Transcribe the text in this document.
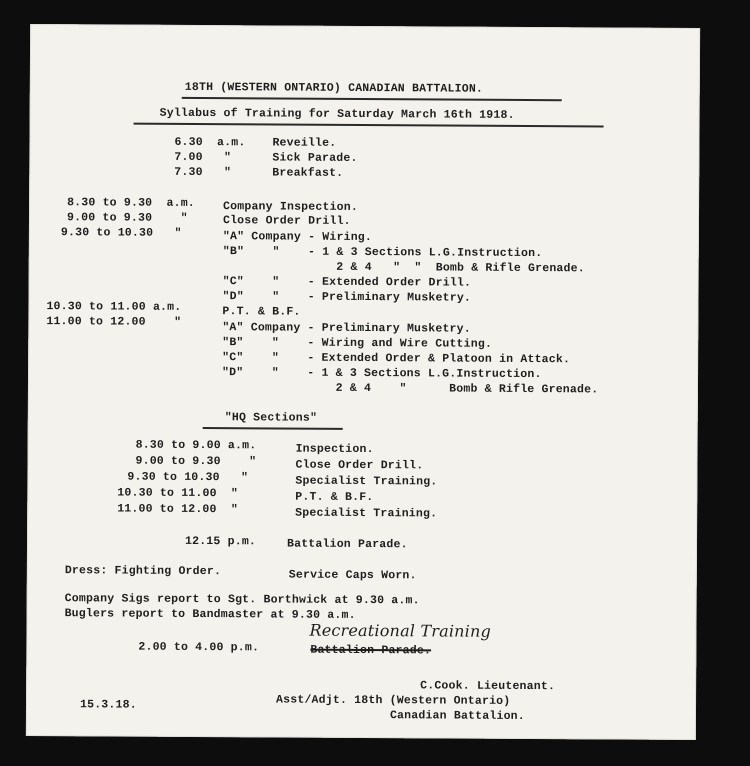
18TH (WESTERN ONTARIO) CANADIAN BATTALION.
Syllabus of Training for Saturday March 16th 1918.
6.30  a.m. Reveille.
7.00   "	Sick Parade.
7.30   "	Breakfast.
8.30 to 9.30  a.m. Company Inspection.
9.00 to 9.30    "	Close Order Drill.
9.30 to 10.30   "	"A" Company - Wiring.
"B"    "    - 1 & 3 Sections L.G.Instruction.
2 & 4   "  "  Bomb & Rifle Grenade.
"C"    "    - Extended Order Drill.
"D"    "    - Preliminary Musketry.
10.30 to 11.00 a.m.	P.T. & B.F.
11.00 to 12.00    "	"A" Company - Preliminary Musketry.
"B"    "    - Wiring and Wire Cutting.
"C"    "    - Extended Order & Platoon in Attack.
"D"    "    - 1 & 3 Sections L.G.Instruction.
2 & 4    "      Bomb & Rifle Grenade.
"HQ Sections"
8.30 to 9.00 a.m.	Inspection.
9.00 to 9.30    "	Close Order Drill.
9.30 to 10.30   "	Specialist Training.
10.30 to 11.00  "	P.T. & B.F.
11.00 to 12.00  "	Specialist Training.
12.15 p.m.	Battalion Parade.
Dress: Fighting Order.	Service Caps Worn.
Company Sigs report to Sgt. Borthwick at 9.30 a.m.
Buglers report to Bandmaster at 9.30 a.m.
Recreational Training
2.00 to 4.00 p.m.	Battalion Parade.
C.Cook. Lieutenant.
Asst/Adjt. 18th (Western Ontario)
Canadian Battalion.
15.3.18.
